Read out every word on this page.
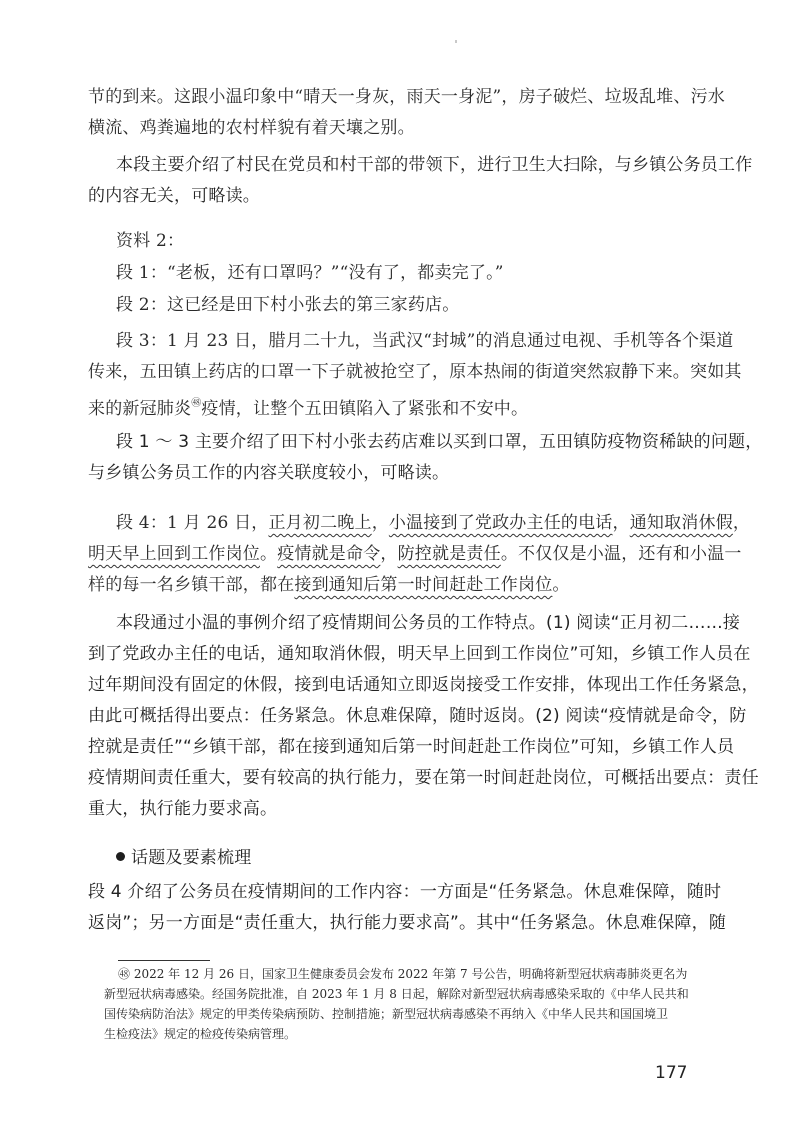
节的到来。这跟小温印象中“晴天一身灰，雨天一身泥”，房子破烂、垃圾乱堆、污水
横流、鸡粪遍地的农村样貌有着天壤之别。
本段主要介绍了村民在党员和村干部的带领下，进行卫生大扫除，与乡镇公务员工作
的内容无关，可略读。
资料 2：
段 1：“老板，还有口罩吗？”“没有了，都卖完了。”
段 2：这已经是田下村小张去的第三家药店。
段 3：1 月 23 日，腊月二十九，当武汉“封城”的消息通过电视、手机等各个渠道
传来，五田镇上药店的口罩一下子就被抢空了，原本热闹的街道突然寂静下来。突如其
来的新冠肺炎$^㊽$疫情，让整个五田镇陷入了紧张和不安中。
段 1 ～ 3 主要介绍了田下村小张去药店难以买到口罩，五田镇防疫物资稀缺的问题，
与乡镇公务员工作的内容关联度较小，可略读。
段 4：1 月 26 日，正月初二晚上，小温接到了党政办主任的电话，通知取消休假，
明天早上回到工作岗位。疫情就是命令，防控就是责任。不仅仅是小温，还有和小温一
样的每一名乡镇干部，都在接到通知后第一时间赶赴工作岗位。
本段通过小温的事例介绍了疫情期间公务员的工作特点。(1) 阅读“正月初二……接
到了党政办主任的电话，通知取消休假，明天早上回到工作岗位”可知，乡镇工作人员在
过年期间没有固定的休假，接到电话通知立即返岗接受工作安排，体现出工作任务紧急，
由此可概括得出要点：任务紧急。休息难保障，随时返岗。(2) 阅读“疫情就是命令，防
控就是责任”“乡镇干部，都在接到通知后第一时间赶赴工作岗位”可知，乡镇工作人员
疫情期间责任重大，要有较高的执行能力，要在第一时间赶赴岗位，可概括出要点：责任
重大，执行能力要求高。
话题及要素梳理
段 4 介绍了公务员在疫情期间的工作内容：一方面是“任务紧急。休息难保障，随时
返岗”；另一方面是“责任重大，执行能力要求高”。其中“任务紧急。休息难保障，随
㊽ 2022 年 12 月 26 日，国家卫生健康委员会发布 2022 年第 7 号公告，明确将新型冠状病毒肺炎更名为
新型冠状病毒感染。经国务院批准，自 2023 年 1 月 8 日起，解除对新型冠状病毒感染采取的《中华人民共和
国传染病防治法》规定的甲类传染病预防、控制措施；新型冠状病毒感染不再纳入《中华人民共和国国境卫
生检疫法》规定的检疫传染病管理。
177
